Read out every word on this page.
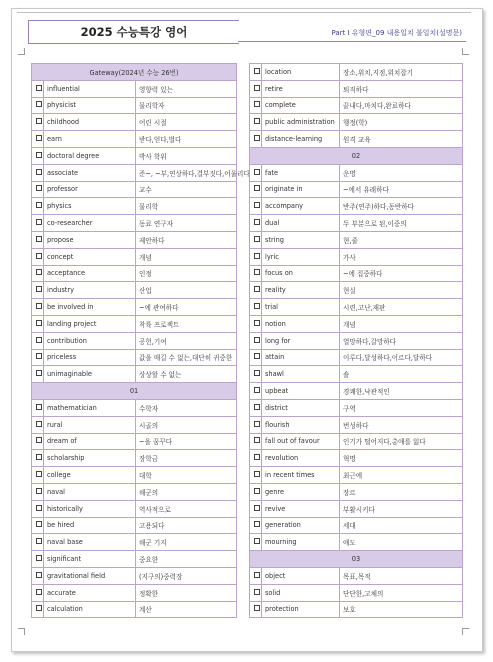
2025 수능특강 영어	Part Ⅰ 유형편_09 내용일치 불일치(설명문)
Gateway(2024년 수능 26번)		
	influential	영향력 있는
	physicist	물리학자
	childhood	어린 시절
	earn	받다,얻다,벌다
	doctoral degree	박사 학위
	associate	준~, ~부,연상하다,결부짓다,어울리다
	professor	교수
	physics	물리학
	co-researcher	동료 연구자
	propose	제안하다
	concept	개념
	acceptance	인정
	industry	산업
	be involved in	~에 관여하다
	landing project	착륙 프로젝트
	contribution	공헌,기여
	priceless	값을 매길 수 없는,대단히 귀중한
	unimaginable	상상할 수 없는
01		
	mathematician	수학자
	rural	시골의
	dream of	~을 꿈꾸다
	scholarship	장학금
	college	대학
	naval	해군의
	historically	역사적으로
	be hired	고용되다
	naval base	해군 기지
	significant	중요한
	gravitational field	(지구의)중력장
	accurate	정확한
	calculation	계산
	location	장소,위치,지점,위치잡기
	retire	퇴직하다
	complete	끝내다,마치다,완료하다
	public administration	행정(학)
	distance-learning	원격 교육
02		
	fate	운명
	originate in	~에서 유래하다
	accompany	반주(연주)하다,동반하다
	dual	두 부분으로 된,이중의
	string	현,줄
	lyric	가사
	focus on	~에 집중하다
	reality	현실
	trial	시련,고난,재판
	notion	개념
	long for	열망하다,갈망하다
	attain	이루다,달성하다,이르다,달하다
	shawl	숄
	upbeat	경쾌한,낙관적인
	district	구역
	flourish	번성하다
	fall out of favour	인기가 떨어지다,총애를 잃다
	revolution	혁명
	in recent times	최근에
	genre	장르
	revive	부활시키다
	generation	세대
	mourning	애도
03		
	object	목표,목적
	solid	단단한,고체의
	protection	보호
